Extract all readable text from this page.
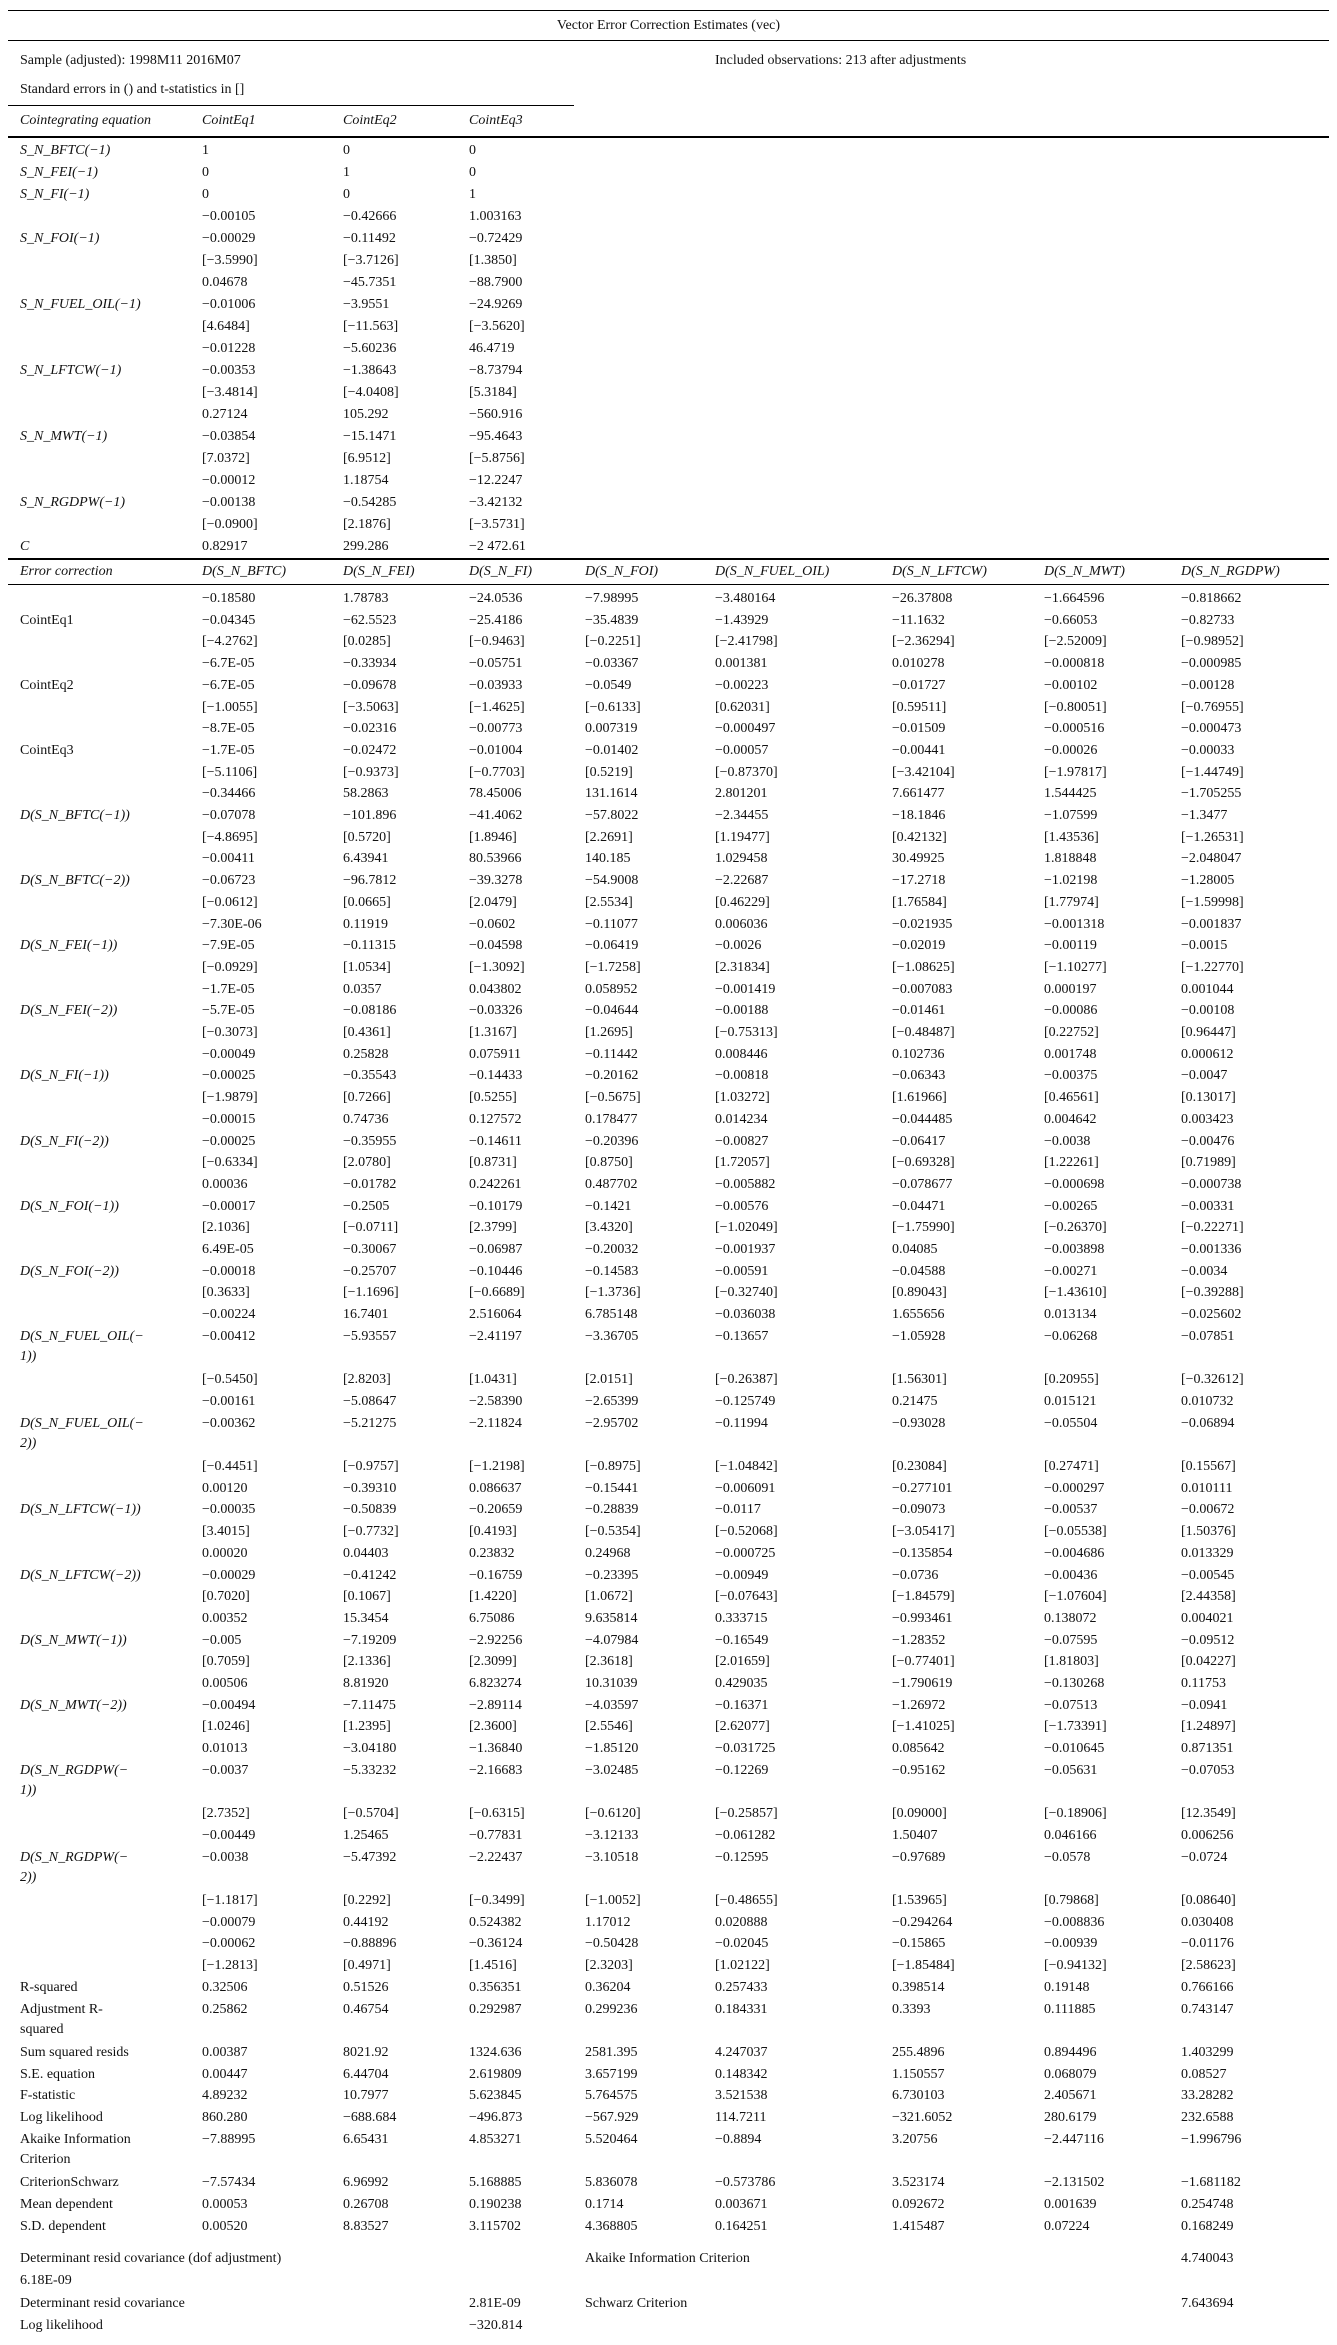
Vector Error Correction Estimates (vec)
Sample (adjusted): 1998M11 2016M07	Included observations: 213 after adjustments
Standard errors in () and t-statistics in []
Cointegrating equation	CointEq1	CointEq2	CointEq3
S_N_BFTC(−1)	1	0	0
S_N_FEI(−1)	0	1	0
S_N_FI(−1)	0	0	1
−0.00105	−0.42666	1.003163
S_N_FOI(−1)	−0.00029	−0.11492	−0.72429
[−3.5990]	[−3.7126]	[1.3850]
0.04678	−45.7351	−88.7900
S_N_FUEL_OIL(−1)	−0.01006	−3.9551	−24.9269
[4.6484]	[−11.563]	[−3.5620]
−0.01228	−5.60236	46.4719
S_N_LFTCW(−1)	−0.00353	−1.38643	−8.73794
[−3.4814]	[−4.0408]	[5.3184]
0.27124	105.292	−560.916
S_N_MWT(−1)	−0.03854	−15.1471	−95.4643
[7.0372]	[6.9512]	[−5.8756]
−0.00012	1.18754	−12.2247
S_N_RGDPW(−1)	−0.00138	−0.54285	−3.42132
[−0.0900]	[2.1876]	[−3.5731]
C	0.82917	299.286	−2 472.61
Error correction	D(S_N_BFTC)	D(S_N_FEI)	D(S_N_FI)	D(S_N_FOI)	D(S_N_FUEL_OIL)	D(S_N_LFTCW)	D(S_N_MWT)	D(S_N_RGDPW)
−0.18580	1.78783	−24.0536	−7.98995	−3.480164	−26.37808	−1.664596	−0.818662
CointEq1	−0.04345	−62.5523	−25.4186	−35.4839	−1.43929	−11.1632	−0.66053	−0.82733
[−4.2762]	[0.0285]	[−0.9463]	[−0.2251]	[−2.41798]	[−2.36294]	[−2.52009]	[−0.98952]
−6.7E-05	−0.33934	−0.05751	−0.03367	0.001381	0.010278	−0.000818	−0.000985
CointEq2	−6.7E-05	−0.09678	−0.03933	−0.0549	−0.00223	−0.01727	−0.00102	−0.00128
[−1.0055]	[−3.5063]	[−1.4625]	[−0.6133]	[0.62031]	[0.59511]	[−0.80051]	[−0.76955]
−8.7E-05	−0.02316	−0.00773	0.007319	−0.000497	−0.01509	−0.000516	−0.000473
CointEq3	−1.7E-05	−0.02472	−0.01004	−0.01402	−0.00057	−0.00441	−0.00026	−0.00033
[−5.1106]	[−0.9373]	[−0.7703]	[0.5219]	[−0.87370]	[−3.42104]	[−1.97817]	[−1.44749]
−0.34466	58.2863	78.45006	131.1614	2.801201	7.661477	1.544425	−1.705255
D(S_N_BFTC(−1))	−0.07078	−101.896	−41.4062	−57.8022	−2.34455	−18.1846	−1.07599	−1.3477
[−4.8695]	[0.5720]	[1.8946]	[2.2691]	[1.19477]	[0.42132]	[1.43536]	[−1.26531]
−0.00411	6.43941	80.53966	140.185	1.029458	30.49925	1.818848	−2.048047
D(S_N_BFTC(−2))	−0.06723	−96.7812	−39.3278	−54.9008	−2.22687	−17.2718	−1.02198	−1.28005
[−0.0612]	[0.0665]	[2.0479]	[2.5534]	[0.46229]	[1.76584]	[1.77974]	[−1.59998]
−7.30E-06	0.11919	−0.0602	−0.11077	0.006036	−0.021935	−0.001318	−0.001837
D(S_N_FEI(−1))	−7.9E-05	−0.11315	−0.04598	−0.06419	−0.0026	−0.02019	−0.00119	−0.0015
[−0.0929]	[1.0534]	[−1.3092]	[−1.7258]	[2.31834]	[−1.08625]	[−1.10277]	[−1.22770]
−1.7E-05	0.0357	0.043802	0.058952	−0.001419	−0.007083	0.000197	0.001044
D(S_N_FEI(−2))	−5.7E-05	−0.08186	−0.03326	−0.04644	−0.00188	−0.01461	−0.00086	−0.00108
[−0.3073]	[0.4361]	[1.3167]	[1.2695]	[−0.75313]	[−0.48487]	[0.22752]	[0.96447]
−0.00049	0.25828	0.075911	−0.11442	0.008446	0.102736	0.001748	0.000612
D(S_N_FI(−1))	−0.00025	−0.35543	−0.14433	−0.20162	−0.00818	−0.06343	−0.00375	−0.0047
[−1.9879]	[0.7266]	[0.5255]	[−0.5675]	[1.03272]	[1.61966]	[0.46561]	[0.13017]
−0.00015	0.74736	0.127572	0.178477	0.014234	−0.044485	0.004642	0.003423
D(S_N_FI(−2))	−0.00025	−0.35955	−0.14611	−0.20396	−0.00827	−0.06417	−0.0038	−0.00476
[−0.6334]	[2.0780]	[0.8731]	[0.8750]	[1.72057]	[−0.69328]	[1.22261]	[0.71989]
0.00036	−0.01782	0.242261	0.487702	−0.005882	−0.078677	−0.000698	−0.000738
D(S_N_FOI(−1))	−0.00017	−0.2505	−0.10179	−0.1421	−0.00576	−0.04471	−0.00265	−0.00331
[2.1036]	[−0.0711]	[2.3799]	[3.4320]	[−1.02049]	[−1.75990]	[−0.26370]	[−0.22271]
6.49E-05	−0.30067	−0.06987	−0.20032	−0.001937	0.04085	−0.003898	−0.001336
D(S_N_FOI(−2))	−0.00018	−0.25707	−0.10446	−0.14583	−0.00591	−0.04588	−0.00271	−0.0034
[0.3633]	[−1.1696]	[−0.6689]	[−1.3736]	[−0.32740]	[0.89043]	[−1.43610]	[−0.39288]
−0.00224	16.7401	2.516064	6.785148	−0.036038	1.655656	0.013134	−0.025602
D(S_N_FUEL_OIL(−
1))
−0.00412	−5.93557	−2.41197	−3.36705	−0.13657	−1.05928	−0.06268	−0.07851
[−0.5450]	[2.8203]	[1.0431]	[2.0151]	[−0.26387]	[1.56301]	[0.20955]	[−0.32612]
−0.00161	−5.08647	−2.58390	−2.65399	−0.125749	0.21475	0.015121	0.010732
D(S_N_FUEL_OIL(−
2))
−0.00362	−5.21275	−2.11824	−2.95702	−0.11994	−0.93028	−0.05504	−0.06894
[−0.4451]	[−0.9757]	[−1.2198]	[−0.8975]	[−1.04842]	[0.23084]	[0.27471]	[0.15567]
0.00120	−0.39310	0.086637	−0.15441	−0.006091	−0.277101	−0.000297	0.010111
D(S_N_LFTCW(−1))	−0.00035	−0.50839	−0.20659	−0.28839	−0.0117	−0.09073	−0.00537	−0.00672
[3.4015]	[−0.7732]	[0.4193]	[−0.5354]	[−0.52068]	[−3.05417]	[−0.05538]	[1.50376]
0.00020	0.04403	0.23832	0.24968	−0.000725	−0.135854	−0.004686	0.013329
D(S_N_LFTCW(−2))	−0.00029	−0.41242	−0.16759	−0.23395	−0.00949	−0.0736	−0.00436	−0.00545
[0.7020]	[0.1067]	[1.4220]	[1.0672]	[−0.07643]	[−1.84579]	[−1.07604]	[2.44358]
0.00352	15.3454	6.75086	9.635814	0.333715	−0.993461	0.138072	0.004021
D(S_N_MWT(−1))	−0.005	−7.19209	−2.92256	−4.07984	−0.16549	−1.28352	−0.07595	−0.09512
[0.7059]	[2.1336]	[2.3099]	[2.3618]	[2.01659]	[−0.77401]	[1.81803]	[0.04227]
0.00506	8.81920	6.823274	10.31039	0.429035	−1.790619	−0.130268	0.11753
D(S_N_MWT(−2))	−0.00494	−7.11475	−2.89114	−4.03597	−0.16371	−1.26972	−0.07513	−0.0941
[1.0246]	[1.2395]	[2.3600]	[2.5546]	[2.62077]	[−1.41025]	[−1.73391]	[1.24897]
0.01013	−3.04180	−1.36840	−1.85120	−0.031725	0.085642	−0.010645	0.871351
D(S_N_RGDPW(−
1))
−0.0037	−5.33232	−2.16683	−3.02485	−0.12269	−0.95162	−0.05631	−0.07053
[2.7352]	[−0.5704]	[−0.6315]	[−0.6120]	[−0.25857]	[0.09000]	[−0.18906]	[12.3549]
−0.00449	1.25465	−0.77831	−3.12133	−0.061282	1.50407	0.046166	0.006256
D(S_N_RGDPW(−
2))
−0.0038	−5.47392	−2.22437	−3.10518	−0.12595	−0.97689	−0.0578	−0.0724
[−1.1817]	[0.2292]	[−0.3499]	[−1.0052]	[−0.48655]	[1.53965]	[0.79868]	[0.08640]
−0.00079	0.44192	0.524382	1.17012	0.020888	−0.294264	−0.008836	0.030408
−0.00062	−0.88896	−0.36124	−0.50428	−0.02045	−0.15865	−0.00939	−0.01176
[−1.2813]	[0.4971]	[1.4516]	[2.3203]	[1.02122]	[−1.85484]	[−0.94132]	[2.58623]
R-squared	0.32506	0.51526	0.356351	0.36204	0.257433	0.398514	0.19148	0.766166
Adjustment R-
squared
0.25862	0.46754	0.292987	0.299236	0.184331	0.3393	0.111885	0.743147
Sum squared resids	0.00387	8021.92	1324.636	2581.395	4.247037	255.4896	0.894496	1.403299
S.E. equation	0.00447	6.44704	2.619809	3.657199	0.148342	1.150557	0.068079	0.08527
F-statistic	4.89232	10.7977	5.623845	5.764575	3.521538	6.730103	2.405671	33.28282
Log likelihood	860.280	−688.684	−496.873	−567.929	114.7211	−321.6052	280.6179	232.6588
Akaike Information
Criterion
−7.88995	6.65431	4.853271	5.520464	−0.8894	3.20756	−2.447116	−1.996796
CriterionSchwarz	−7.57434	6.96992	5.168885	5.836078	−0.573786	3.523174	−2.131502	−1.681182
Mean dependent	0.00053	0.26708	0.190238	0.1714	0.003671	0.092672	0.001639	0.254748
S.D. dependent	0.00520	8.83527	3.115702	4.368805	0.164251	1.415487	0.07224	0.168249
Determinant resid covariance (dof adjustment)	Akaike Information Criterion	4.740043
6.18E-09
Determinant resid covariance	2.81E-09	Schwarz Criterion	7.643694
Log likelihood	−320.814
